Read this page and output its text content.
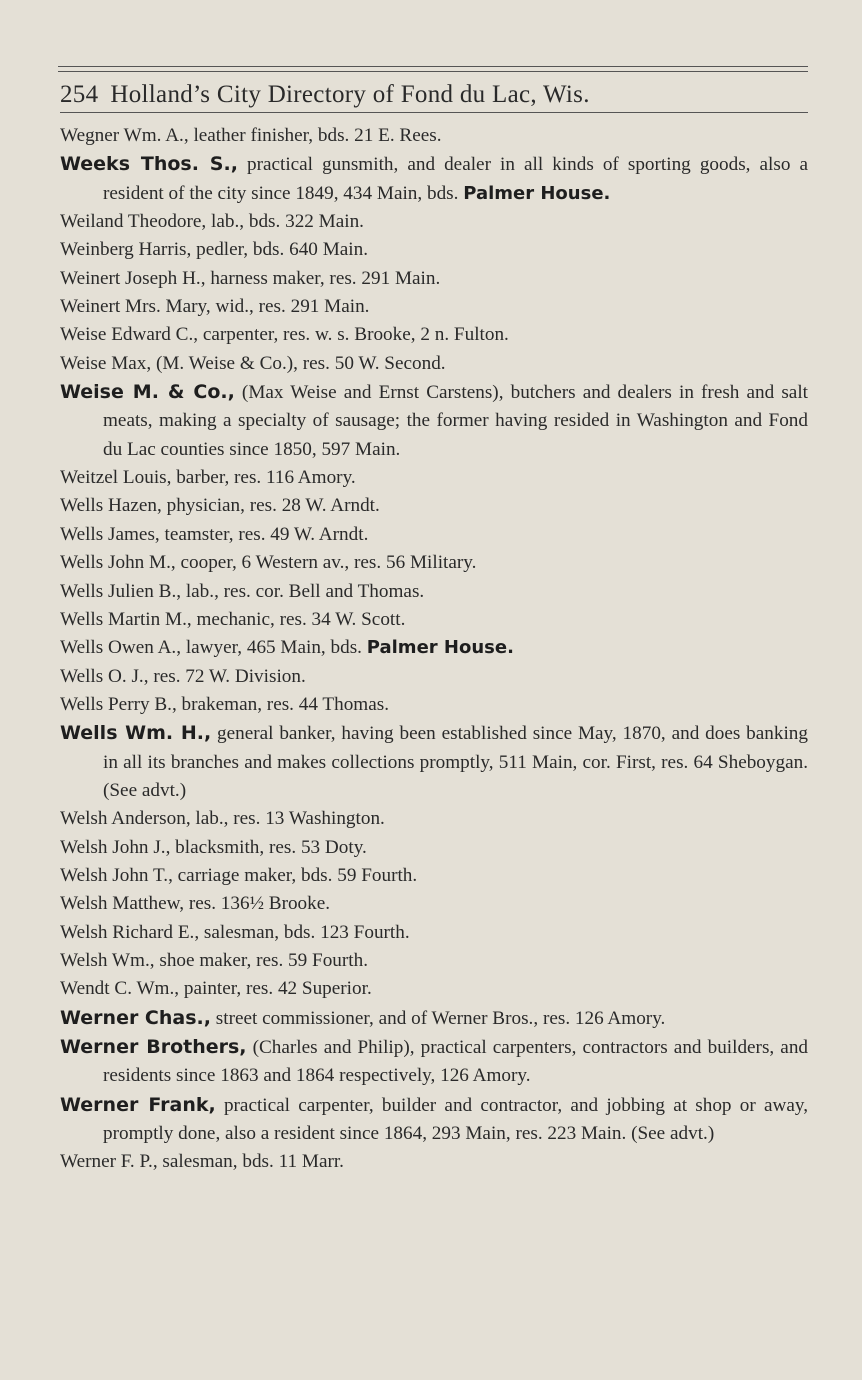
254 Holland’s City Directory of Fond du Lac, Wis.
Wegner Wm. A., leather finisher, bds. 21 E. Rees.
Weeks Thos. S., practical gunsmith, and dealer in all kinds of sporting goods, also a resident of the city since 1849, 434 Main, bds. Palmer House.
Weiland Theodore, lab., bds. 322 Main.
Weinberg Harris, pedler, bds. 640 Main.
Weinert Joseph H., harness maker, res. 291 Main.
Weinert Mrs. Mary, wid., res. 291 Main.
Weise Edward C., carpenter, res. w. s. Brooke, 2 n. Fulton.
Weise Max, (M. Weise & Co.), res. 50 W. Second.
Weise M. & Co., (Max Weise and Ernst Carstens), butchers and dealers in fresh and salt meats, making a specialty of sausage; the former having resided in Washington and Fond du Lac counties since 1850, 597 Main.
Weitzel Louis, barber, res. 116 Amory.
Wells Hazen, physician, res. 28 W. Arndt.
Wells James, teamster, res. 49 W. Arndt.
Wells John M., cooper, 6 Western av., res. 56 Military.
Wells Julien B., lab., res. cor. Bell and Thomas.
Wells Martin M., mechanic, res. 34 W. Scott.
Wells Owen A., lawyer, 465 Main, bds. Palmer House.
Wells O. J., res. 72 W. Division.
Wells Perry B., brakeman, res. 44 Thomas.
Wells Wm. H., general banker, having been established since May, 1870, and does banking in all its branches and makes collections promptly, 511 Main, cor. First, res. 64 Sheboygan. (See advt.)
Welsh Anderson, lab., res. 13 Washington.
Welsh John J., blacksmith, res. 53 Doty.
Welsh John T., carriage maker, bds. 59 Fourth.
Welsh Matthew, res. 136½ Brooke.
Welsh Richard E., salesman, bds. 123 Fourth.
Welsh Wm., shoe maker, res. 59 Fourth.
Wendt C. Wm., painter, res. 42 Superior.
Werner Chas., street commissioner, and of Werner Bros., res. 126 Amory.
Werner Brothers, (Charles and Philip), practical carpenters, contractors and builders, and residents since 1863 and 1864 respectively, 126 Amory.
Werner Frank, practical carpenter, builder and contractor, and jobbing at shop or away, promptly done, also a resident since 1864, 293 Main, res. 223 Main. (See advt.)
Werner F. P., salesman, bds. 11 Marr.
